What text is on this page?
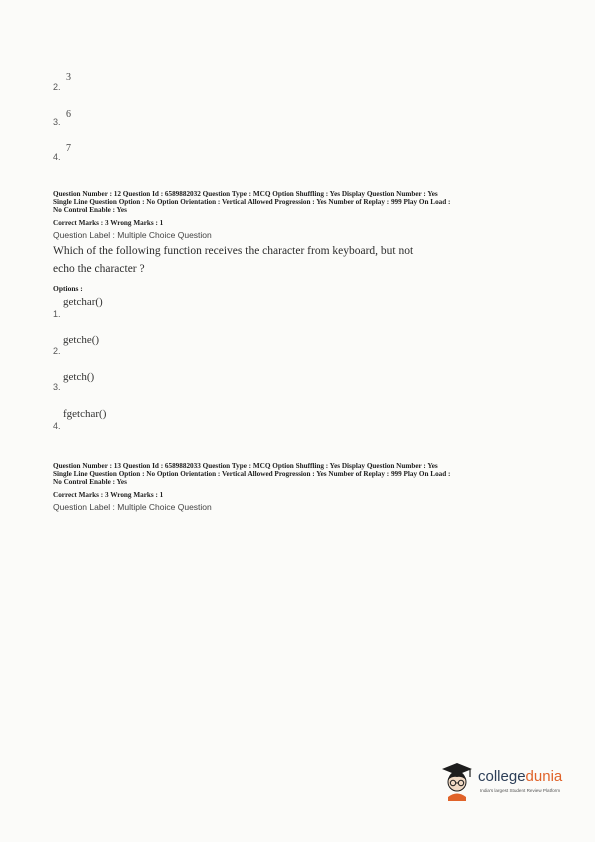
2.
3
3.
6
4.
7
Question Number : 12 Question Id : 6589882032 Question Type : MCQ Option Shuffling : Yes Display Question Number : Yes
Single Line Question Option : No Option Orientation : Vertical Allowed Progression : Yes Number of Replay : 999 Play On Load :
No Control Enable : Yes
Correct Marks : 3 Wrong Marks : 1
Question Label : Multiple Choice Question
Which of the following function receives the character from keyboard, but not
echo the character ?
Options :
1.
getchar()
2.
getche()
3.
getch()
4.
fgetchar()
Question Number : 13 Question Id : 6589882033 Question Type : MCQ Option Shuffling : Yes Display Question Number : Yes
Single Line Question Option : No Option Orientation : Vertical Allowed Progression : Yes Number of Replay : 999 Play On Load :
No Control Enable : Yes
Correct Marks : 3 Wrong Marks : 1
Question Label : Multiple Choice Question
collegedunia
India's largest Student Review Platform
